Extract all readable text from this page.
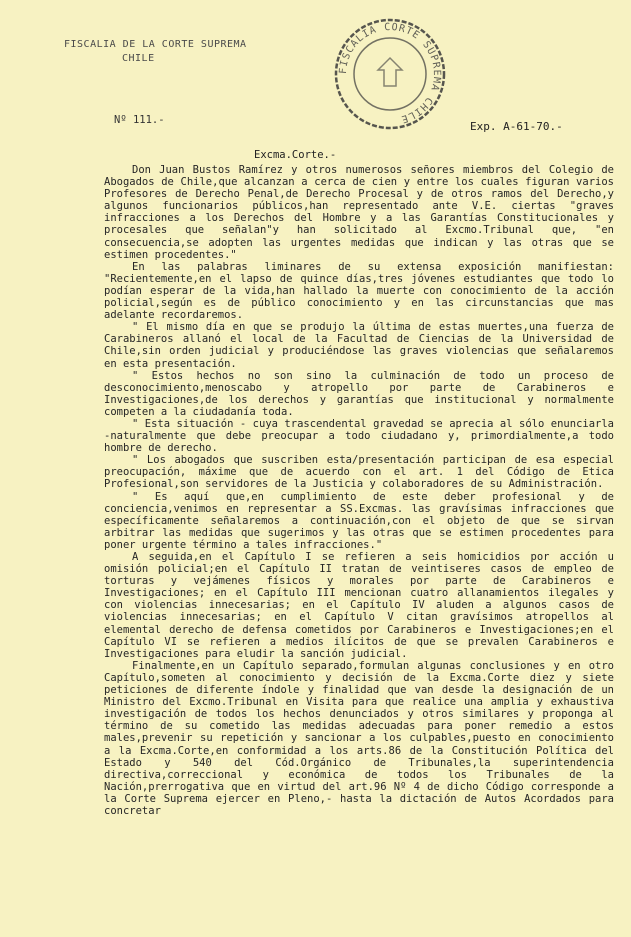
FISCALIA DE LA CORTE SUPREMA
CHILE
FISCALIA CORTE SUPREMA CHILE
Nº 111.-	Exp. A-61-70.-
Excma.Corte.-

Don Juan Bustos Ramírez y otros numerosos señores miembros del Colegio de Abogados de Chile,que alcanzan a cerca de cien y entre los cuales figuran varios Profesores de Derecho Penal,de Derecho Procesal y de otros ramos del Derecho,y algunos funcionarios públicos,han representado ante V.E. ciertas "graves infracciones a los Derechos del Hombre y a las Garantías Constitucionales y procesales que señalan"y han solicitado al Excmo.Tribunal que, "en consecuencia,se adopten las urgentes medidas que indican y las otras que se estimen procedentes."

En las palabras liminares de su extensa exposición manifiestan: "Recientemente,en el lapso de quince días,tres jóvenes estudiantes que todo lo podían esperar de la vida,han hallado la muerte con conocimiento de la acción policial,según es de público conocimiento y en las circunstancias que mas adelante recordaremos.

" El mismo día en que se produjo la última de estas muertes,una fuerza de Carabineros allanó el local de la Facultad de Ciencias de la Universidad de Chile,sin orden judicial y produciéndose las graves violencias que señalaremos en esta presentación.

" Estos hechos no son sino la culminación de todo un proceso de desconocimiento,menoscabo y atropello por parte de Carabineros e Investigaciones,de los derechos y garantías que institucional y normalmente competen a la ciudadanía toda.

" Esta situación - cuya trascendental gravedad se aprecia al sólo enunciarla -naturalmente que debe preocupar a todo ciudadano y, primordialmente,a todo hombre de derecho.

" Los abogados que suscriben esta/presentación participan de esa especial preocupación, máxime que de acuerdo con el art. 1 del Código de Etica Profesional,son servidores de la Justicia y colaboradores de su Administración.

" Es aquí que,en cumplimiento de este deber profesional y de conciencia,venimos en representar a SS.Excmas. las gravísimas infracciones que específicamente señalaremos a continuación,con el objeto de que se sirvan arbitrar las medidas que sugerimos y las otras que se estimen procedentes para poner urgente término a tales infracciones."

A seguida,en el Capítulo I se refieren a seis homicidios por acción u omisión policial;en el Capítulo II tratan de veintiseres casos de empleo de torturas y vejámenes físicos y morales por parte de Carabineros e Investigaciones; en el Capítulo III mencionan cuatro allanamientos ilegales y con violencias innecesarias; en el Capítulo IV aluden a algunos casos de violencias innecesarias; en el Capítulo V citan gravísimos atropellos al elemental derecho de defensa cometidos por Carabineros e Investigaciones;en el Capítulo VI se refieren a medios ilícitos de que se prevalen Carabineros e Investigaciones para eludir la sanción judicial.

Finalmente,en un Capítulo separado,formulan algunas conclusiones y en otro Capítulo,someten al conocimiento y decisión de la Excma.Corte diez y siete peticiones de diferente índole y finalidad que van desde la designación de un Ministro del Excmo.Tribunal en Visita para que realice una amplia y exhaustiva investigación de todos los hechos denunciados y otros similares y proponga al término de su cometido las medidas adecuadas para poner remedio a estos males,prevenir su repetición y sancionar a los culpables,puesto en conocimiento a la Excma.Corte,en conformidad a los arts.86 de la Constitución Política del Estado y 540 del Cód.Orgánico de Tribunales,la superintendencia directiva,correccional y económica de todos los Tribunales de la Nación,prerrogativa que en virtud del art.96 Nº 4 de dicho Código corresponde a la Corte Suprema ejercer en Pleno,- hasta la dictación de Autos Acordados para concretar
